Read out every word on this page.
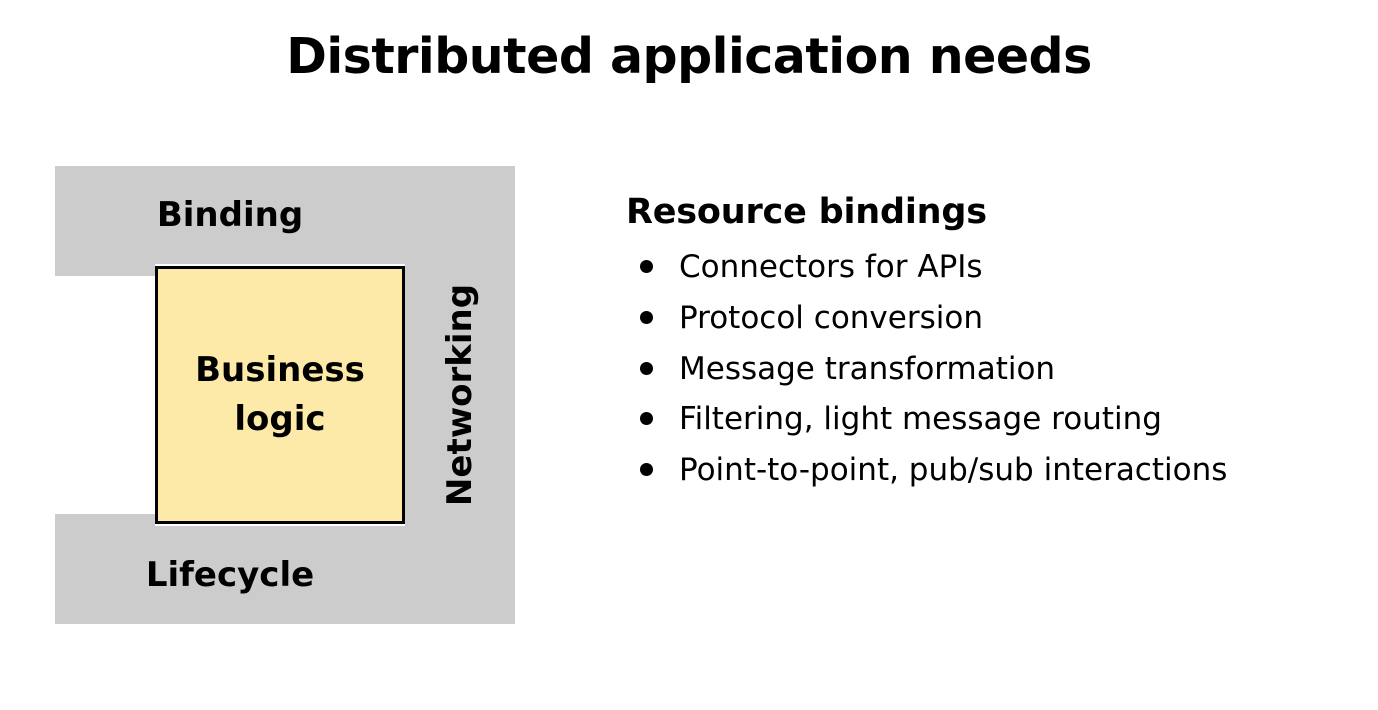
Distributed application needs
Binding
Lifecycle
Networking
Business
logic
Resource bindings
Connectors for APIs
Protocol conversion
Message transformation
Filtering, light message routing
Point-to-point, pub/sub interactions
